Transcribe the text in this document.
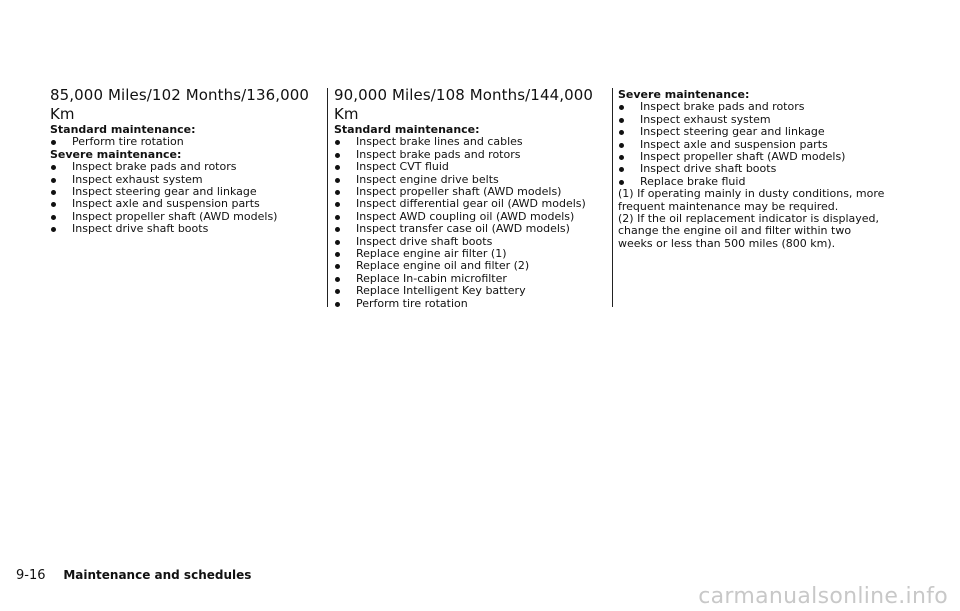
85,000 Miles/102 Months/136,000 Km

Standard maintenance:

Perform tire rotation

Severe maintenance:

Inspect brake pads and rotors
Inspect exhaust system
Inspect steering gear and linkage
Inspect axle and suspension parts
Inspect propeller shaft (AWD models)
Inspect drive shaft boots
90,000 Miles/108 Months/144,000 Km

Standard maintenance:

Inspect brake lines and cables
Inspect brake pads and rotors
Inspect CVT fluid
Inspect engine drive belts
Inspect propeller shaft (AWD models)
Inspect differential gear oil (AWD models)
Inspect AWD coupling oil (AWD models)
Inspect transfer case oil (AWD models)
Inspect drive shaft boots
Replace engine air filter (1)
Replace engine oil and filter (2)
Replace In-cabin microfilter
Replace Intelligent Key battery
Perform tire rotation

Severe maintenance:

Inspect brake pads and rotors
Inspect exhaust system
Inspect steering gear and linkage
Inspect axle and suspension parts
Inspect propeller shaft (AWD models)
Inspect drive shaft boots
Replace brake fluid

(1) If operating mainly in dusty conditions, more frequent maintenance may be required.

(2) If the oil replacement indicator is displayed, change the engine oil and filter within two weeks or less than 500 miles (800 km).

9-16 Maintenance and schedules
carmanualsonline.info
